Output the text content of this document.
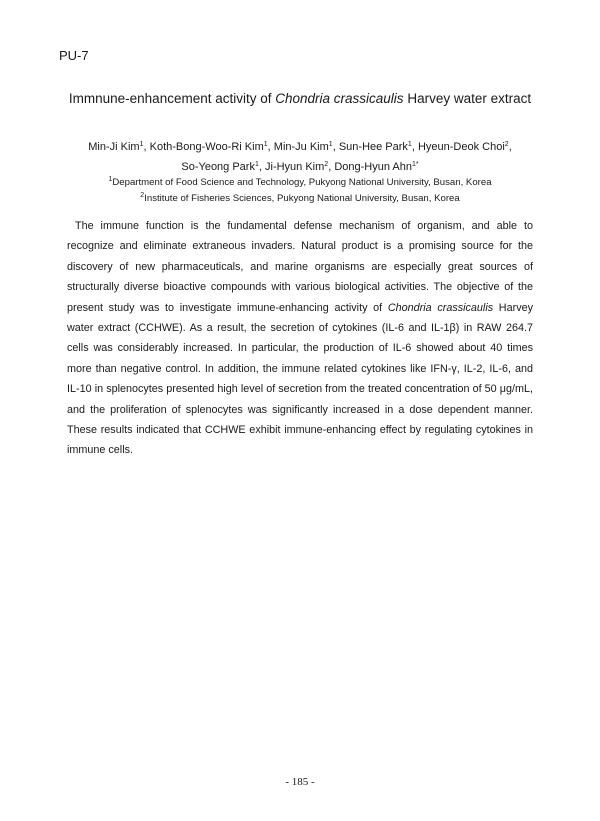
PU-7
Immnune-enhancement activity of Chondria crassicaulis Harvey water extract
Min-Ji Kim$^1$, Koth-Bong-Woo-Ri Kim$^1$, Min-Ju Kim$^1$, Sun-Hee Park$^1$, Hyeun-Deok Choi$^2$,
So-Yeong Park$^1$, Ji-Hyun Kim$^2$, Dong-Hyun Ahn$^{1*}$
$^1$Department of Food Science and Technology, Pukyong National University, Busan, Korea
$^2$Institute of Fisheries Sciences, Pukyong National University, Busan, Korea
The immune function is the fundamental defense mechanism of organism, and able to recognize and eliminate extraneous invaders. Natural product is a promising source for the discovery of new pharmaceuticals, and marine organisms are especially great sources of structurally diverse bioactive compounds with various biological activities. The objective of the present study was to investigate immune-enhancing activity of Chondria crassicaulis Harvey water extract (CCHWE). As a result, the secretion of cytokines (IL-6 and IL-1β) in RAW 264.7 cells was considerably increased. In particular, the production of IL-6 showed about 40 times more than negative control. In addition, the immune related cytokines like IFN-γ, IL-2, IL-6, and IL-10 in splenocytes presented high level of secretion from the treated concentration of 50 μg/mL, and the proliferation of splenocytes was significantly increased in a dose dependent manner. These results indicated that CCHWE exhibit immune-enhancing effect by regulating cytokines in immune cells.
- 185 -
